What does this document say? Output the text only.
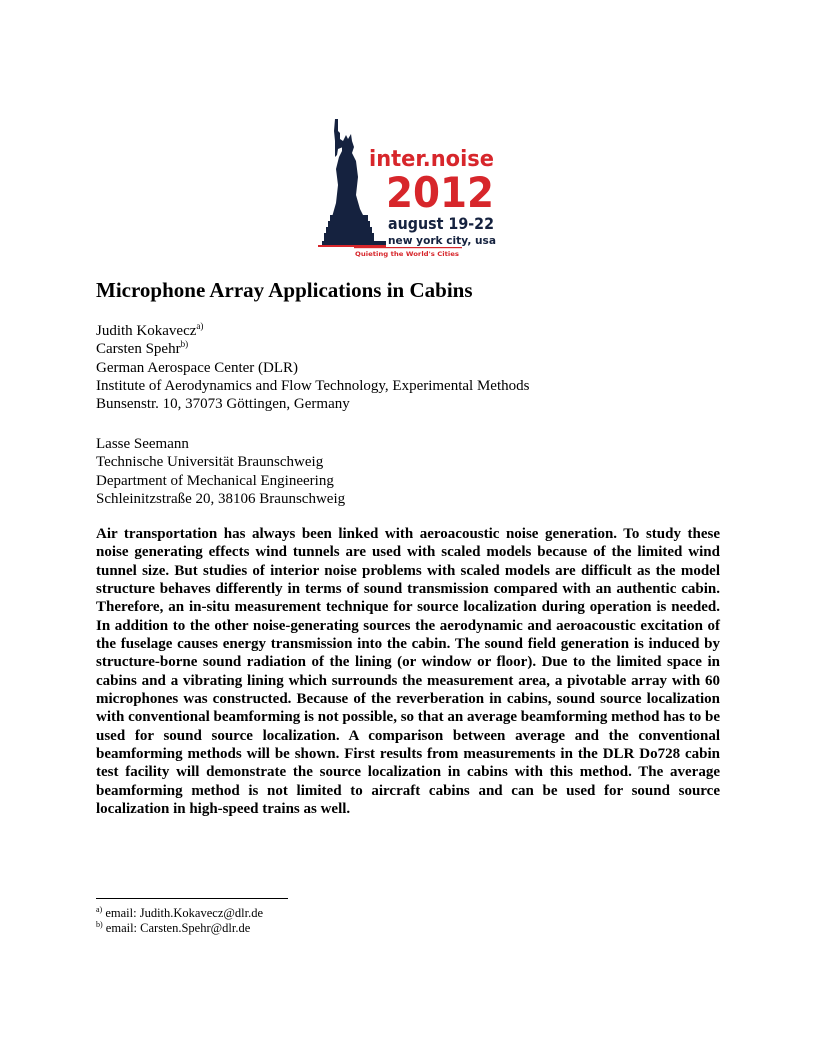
inter.noise
2012
august 19-22
new york city, usa
Quieting the World's Cities
Microphone Array Applications in Cabins
Judith Kokavecz$^{a)}$
Carsten Spehr$^{b)}$
German Aerospace Center (DLR)
Institute of Aerodynamics and Flow Technology, Experimental Methods
Bunsenstr. 10, 37073 Göttingen, Germany
Lasse Seemann
Technische Universität Braunschweig
Department of Mechanical Engineering
Schleinitzstraße 20, 38106 Braunschweig

Air transportation has always been linked with aeroacoustic noise generation. To study these noise generating effects wind tunnels are used with scaled models because of the limited wind tunnel size. But studies of interior noise problems with scaled models are difficult as the model structure behaves differently in terms of sound transmission compared with an authentic cabin. Therefore, an in-situ measurement technique for source localization during operation is needed. In addition to the other noise-generating sources the aerodynamic and aeroacoustic excitation of the fuselage causes energy transmission into the cabin. The sound field generation is induced by structure-borne sound radiation of the lining (or window or floor). Due to the limited space in cabins and a vibrating lining which surrounds the measurement area, a pivotable array with 60 microphones was constructed. Because of the reverberation in cabins, sound source localization with conventional beamforming is not possible, so that an average beamforming method has to be used for sound source localization. A comparison between average and the conventional beamforming methods will be shown. First results from measurements in the DLR Do728 cabin test facility will demonstrate the source localization in cabins with this method. The average beamforming method is not limited to aircraft cabins and can be used for sound source localization in high-speed trains as well.

$^{a)}$ email: Judith.Kokavecz@dlr.de
$^{b)}$ email: Carsten.Spehr@dlr.de
